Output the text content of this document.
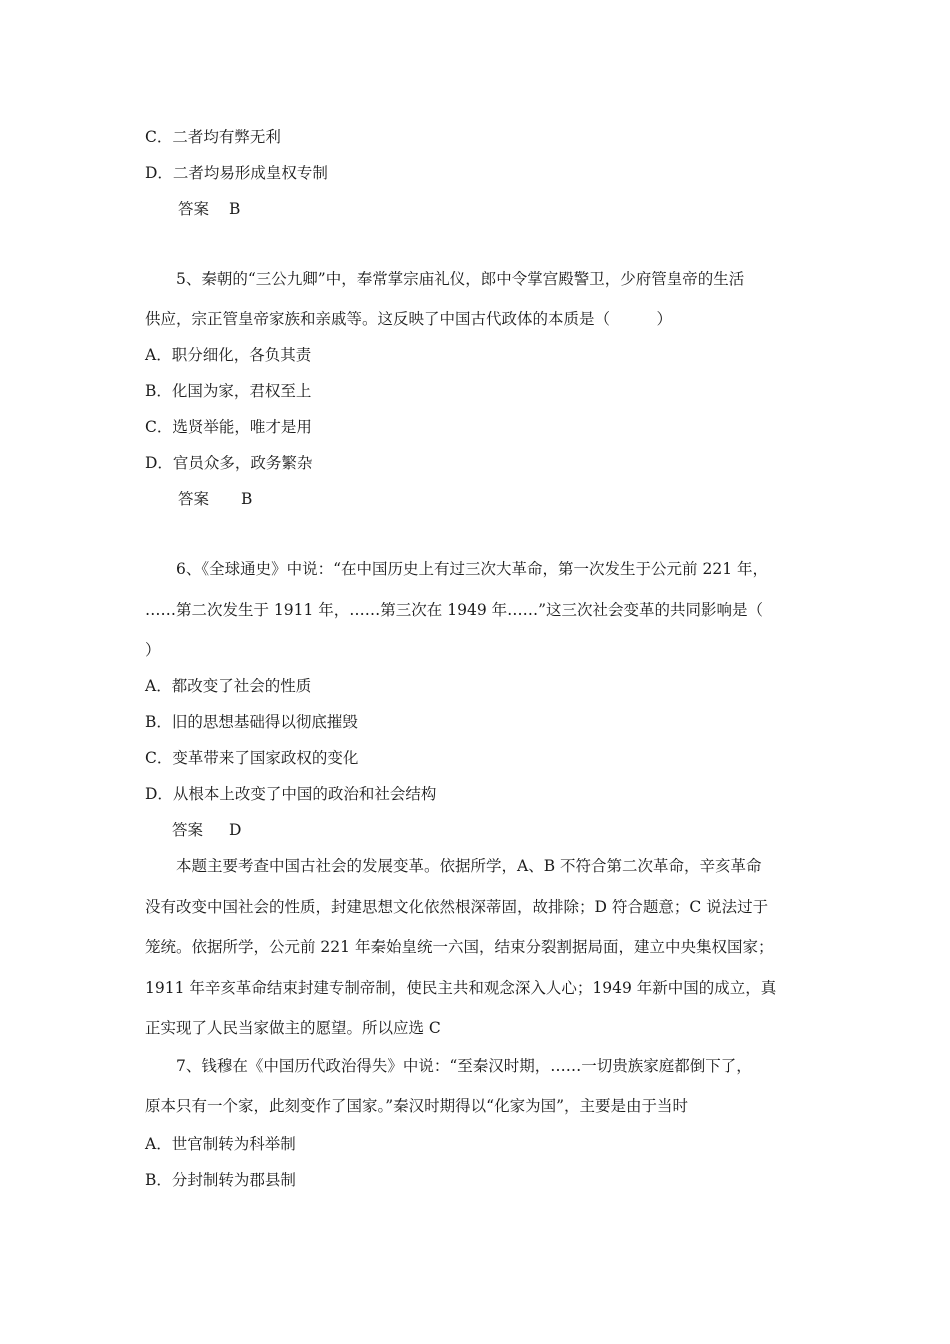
C．二者均有弊无利
D．二者均易形成皇权专制
答案 B
5、秦朝的“三公九卿”中，奉常掌宗庙礼仪，郎中令掌宫殿警卫，少府管皇帝的生活
供应，宗正管皇帝家族和亲戚等。这反映了中国古代政体的本质是（　　　）
A．职分细化，各负其责
B．化国为家，君权至上
C．选贤举能，唯才是用
D．官员众多，政务繁杂
答案 B
6、《全球通史》中说：“在中国历史上有过三次大革命，第一次发生于公元前 221 年，
……第二次发生于 1911 年，……第三次在 1949 年……”这三次社会变革的共同影响是（
）
A．都改变了社会的性质
B．旧的思想基础得以彻底摧毁
C．变革带来了国家政权的变化
D．从根本上改变了中国的政治和社会结构
答案 D
本题主要考查中国古社会的发展变革。依据所学，A、B 不符合第二次革命，辛亥革命
没有改变中国社会的性质，封建思想文化依然根深蒂固，故排除；D 符合题意；C 说法过于
笼统。依据所学，公元前 221 年秦始皇统一六国，结束分裂割据局面，建立中央集权国家；
1911 年辛亥革命结束封建专制帝制，使民主共和观念深入人心；1949 年新中国的成立，真
正实现了人民当家做主的愿望。所以应选 C
7、钱穆在《中国历代政治得失》中说：“至秦汉时期，……一切贵族家庭都倒下了，
原本只有一个家，此刻变作了国家。”秦汉时期得以“化家为国”，主要是由于当时
A．世官制转为科举制
B．分封制转为郡县制
